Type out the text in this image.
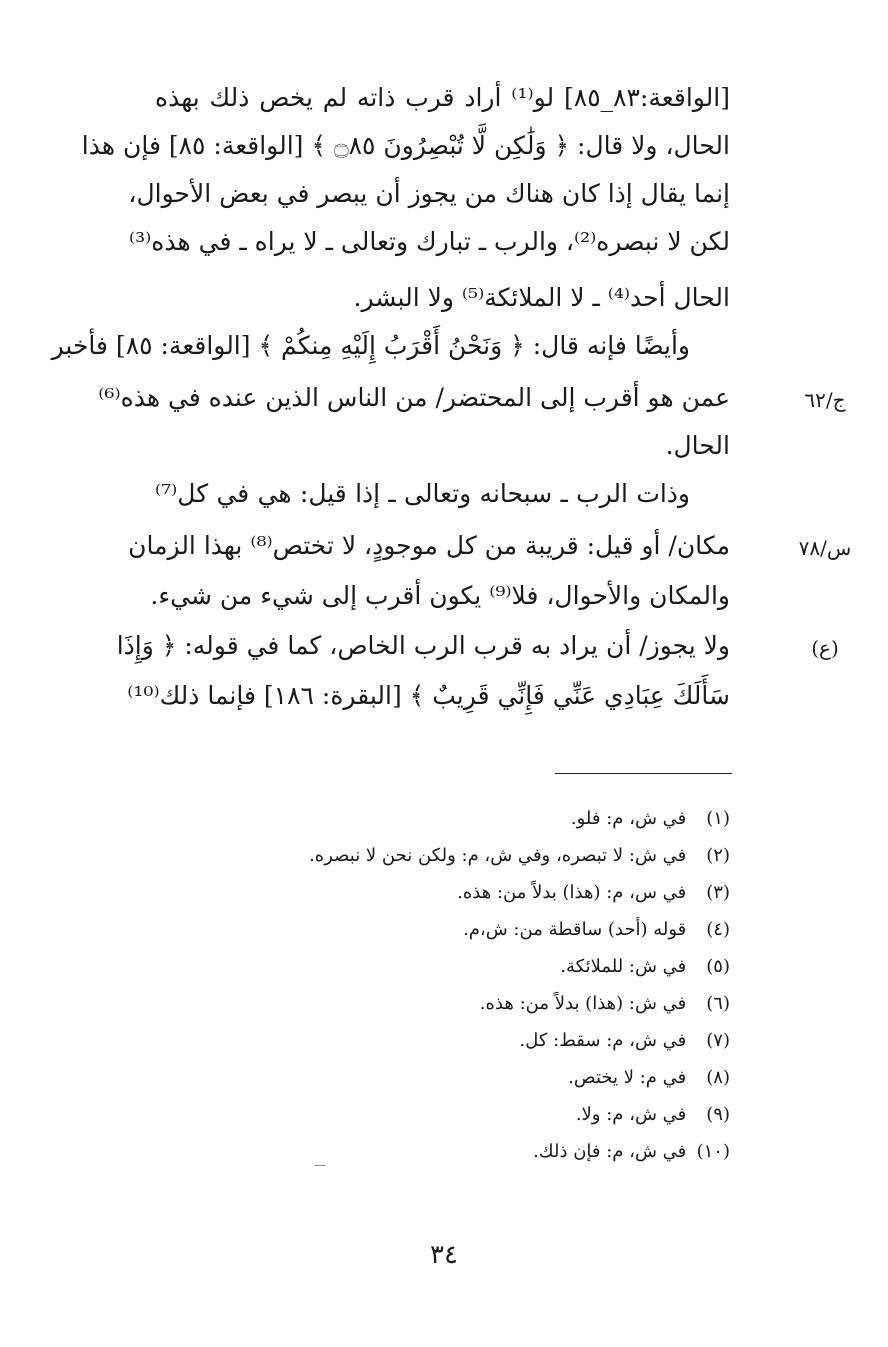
[الواقعة:٨٣_٨٥] لو⁽¹⁾ أراد قرب ذاته لم يخص ذلك بهذه
الحال، ولا قال: ﴿ وَلَٰكِن لَّا تُبْصِرُونَ ۝٨٥ ﴾ [الواقعة: ٨٥] فإن هذا
إنما يقال إذا كان هناك من يجوز أن يبصر في بعض الأحوال،
لكن لا نبصره⁽²⁾، والرب ـ تبارك وتعالى ـ لا يراه ـ في هذه⁽³⁾
الحال أحد⁽⁴⁾ ـ لا الملائكة⁽⁵⁾ ولا البشر.
وأيضًا فإنه قال: ﴿ وَنَحْنُ أَقْرَبُ إِلَيْهِ مِنكُمْ ﴾ [الواقعة: ٨٥] فأخبر
عمن هو أقرب إلى المحتضر/ من الناس الذين عنده في هذه⁽⁶⁾
الحال.
وذات الرب ـ سبحانه وتعالى ـ إذا قيل: هي في كل⁽⁷⁾
مكان/ أو قيل: قريبة من كل موجودٍ، لا تختص⁽⁸⁾ بهذا الزمان
والمكان والأحوال، فلا⁽⁹⁾ يكون أقرب إلى شيء من شيء.
ولا يجوز/ أن يراد به قرب الرب الخاص، كما في قوله: ﴿ وَإِذَا
سَأَلَكَ عِبَادِي عَنِّي فَإِنِّي قَرِيبٌ ﴾ [البقرة: ١٨٦] فإنما ذلك⁽¹⁰⁾
ج/٦٢
س/٧٨
(ع)
(١) في ش، م: فلو.
(٢) في ش: لا تبصره، وفي ش، م: ولكن نحن لا نبصره.
(٣) في س، م: (هذا) بدلاً من: هذه.
(٤) قوله (أحد) ساقطة من: ش،م.
(٥) في ش: للملائكة.
(٦) في ش: (هذا) بدلاً من: هذه.
(٧) في ش، م: سقط: كل.
(٨) في م: لا يختص.
(٩) في ش، م: ولا.
(١٠) في ش، م: فإن ذلك.
٣٤
